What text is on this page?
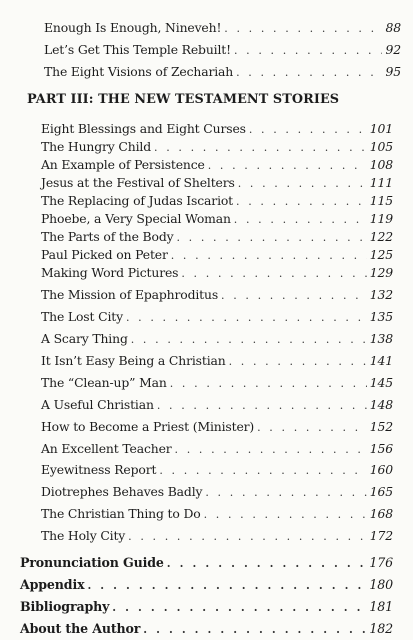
Enough Is Enough, Nineveh! . . .	88
Let’s Get This Temple Rebuilt! . . .	92
The Eight Visions of Zechariah . . .	95
PART III: THE NEW TESTAMENT STORIES
Eight Blessings and Eight Curses . . .	101
The Hungry Child . . .	105
An Example of Persistence . . .	108
Jesus at the Festival of Shelters . . .	111
The Replacing of Judas Iscariot . . .	115
Phoebe, a Very Special Woman . . .	119
The Parts of the Body . . .	122
Paul Picked on Peter . . .	125
Making Word Pictures . . .	129
The Mission of Epaphroditus . . .	132
The Lost City . . .	135
A Scary Thing . . .	138
It Isn’t Easy Being a Christian . . .	141
The “Clean-up” Man . . .	145
A Useful Christian . . .	148
How to Become a Priest (Minister) . . .	152
An Excellent Teacher . . .	156
Eyewitness Report . . .	160
Diotrephes Behaves Badly . . .	165
The Christian Thing to Do . . .	168
The Holy City . . .	172
Pronunciation Guide . . .	176
Appendix . . .	180
Bibliography . . .	181
About the Author . . .	182
